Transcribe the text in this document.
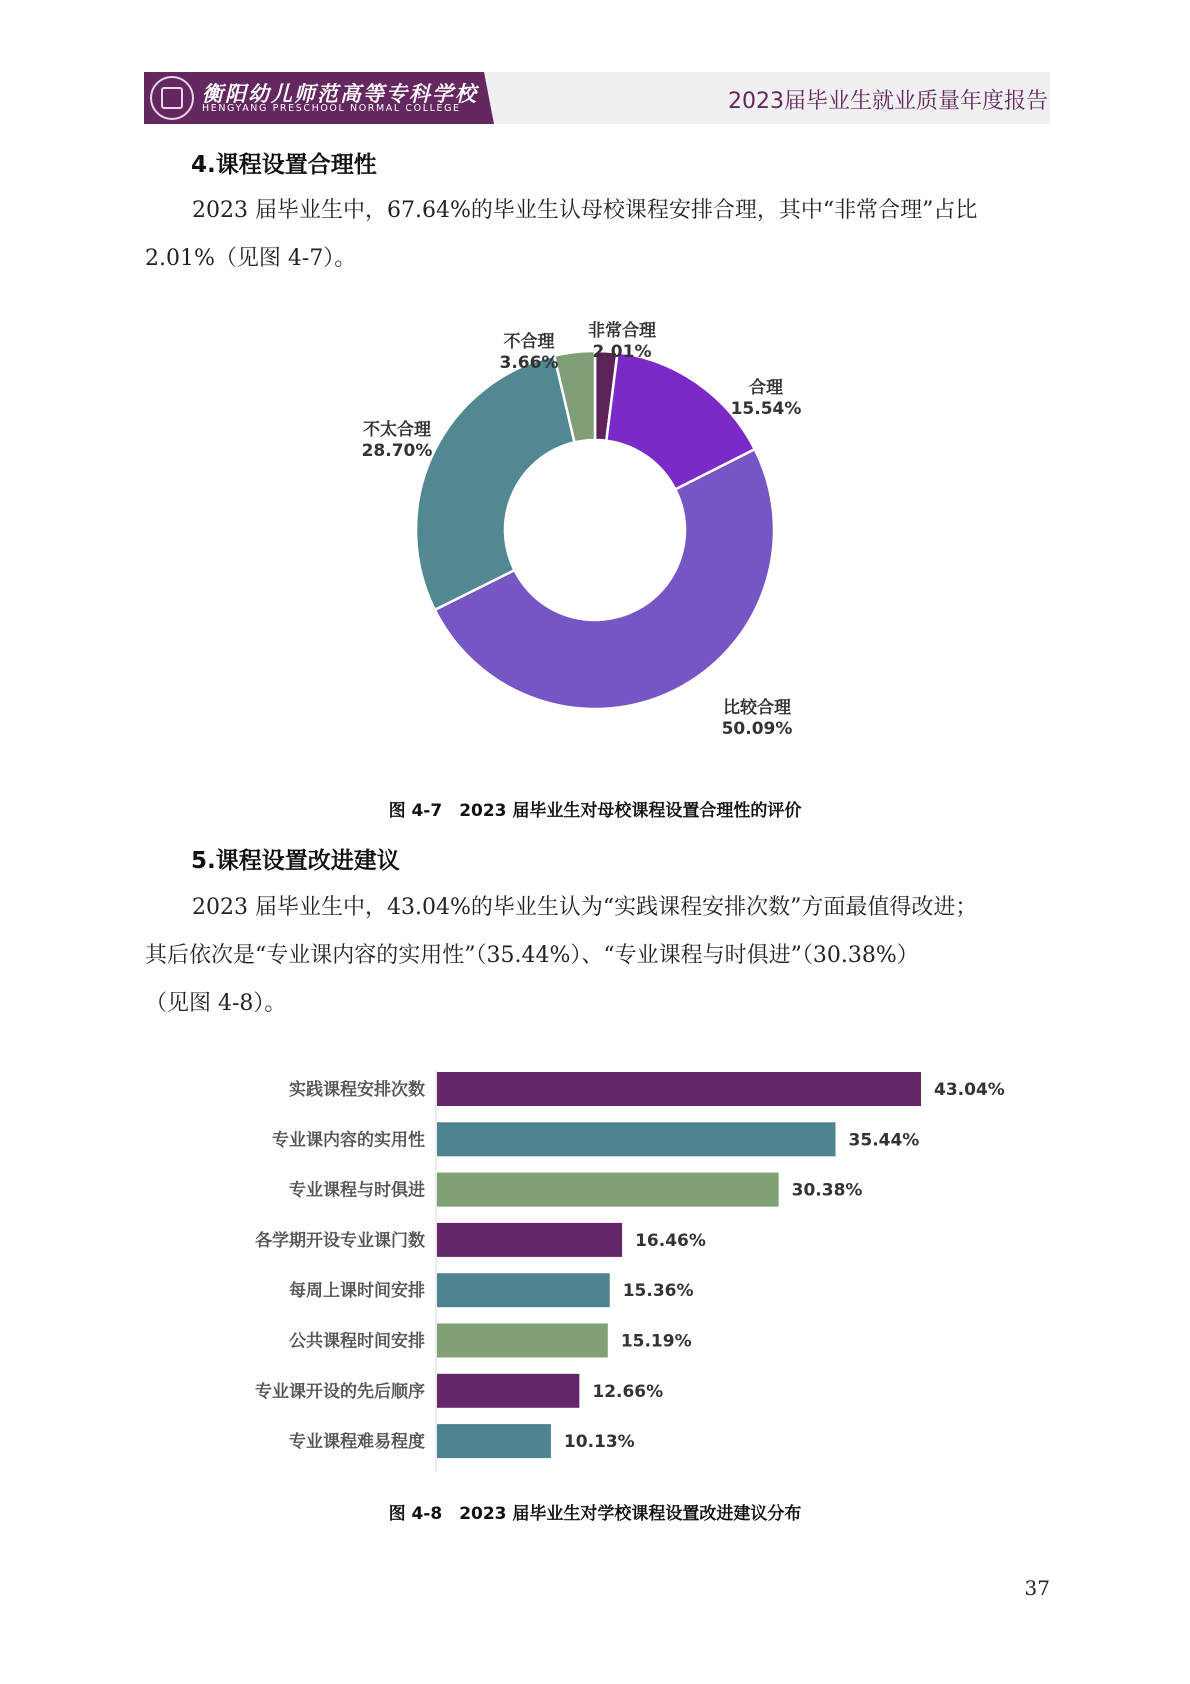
衡阳幼儿师范高等专科学校
HENGYANG PRESCHOOL NORMAL COLLEGE	2023届毕业生就业质量年度报告
4.课程设置合理性
2023 届毕业生中，67.64%的毕业生认母校课程安排合理，其中“非常合理”占比
2.01%（见图 4-7）。
非常合理
2.01%
合理
15.54%
比较合理
50.09%
不太合理
28.70%
不合理
3.66%
图 4-7　2023 届毕业生对母校课程设置合理性的评价
5.课程设置改进建议
2023 届毕业生中，43.04%的毕业生认为“实践课程安排次数”方面最值得改进；
其后依次是“专业课内容的实用性”（35.44%）、“专业课程与时俱进”（30.38%）
（见图 4-8）。
实践课程安排次数	43.04%
专业课内容的实用性	35.44%
专业课程与时俱进	30.38%
各学期开设专业课门数	16.46%
每周上课时间安排	15.36%
公共课程时间安排	15.19%
专业课开设的先后顺序	12.66%
专业课程难易程度	10.13%
图 4-8　2023 届毕业生对学校课程设置改进建议分布
37
